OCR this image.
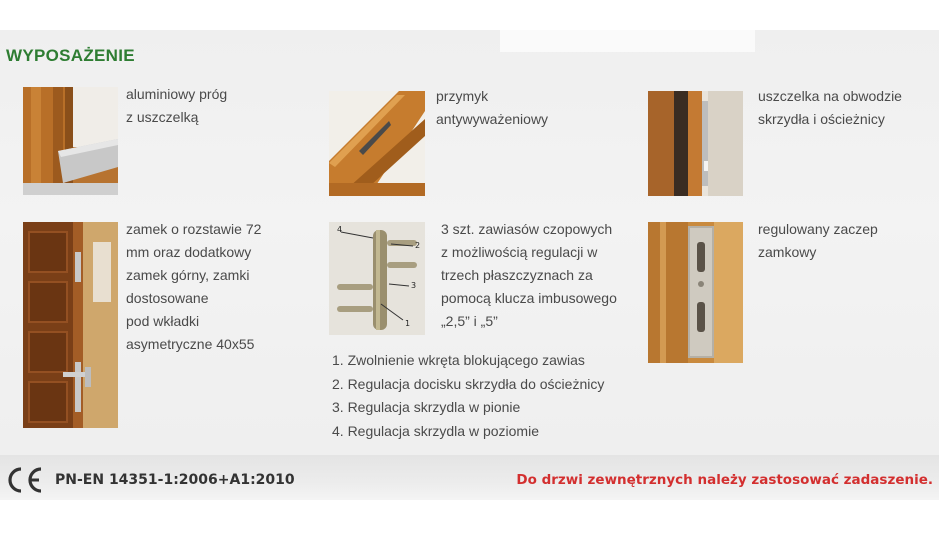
WYPOSAŻENIE
aluminiowy próg
z uszczelką
przymyk
antywyważeniowy
uszczelka na obwodzie
skrzydła i ościeżnicy
zamek o rozstawie 72
mm oraz dodatkowy
zamek górny, zamki
dostosowane
pod wkładki
asymetryczne 40x55
4
2
3
1
3 szt. zawiasów czopowych
z możliwością regulacji w
trzech płaszczyznach za
pomocą klucza imbusowego
„2,5” i „5”
regulowany zaczep
zamkowy
1. Zwolnienie wkręta blokującego zawias
2. Regulacja docisku skrzydła do ościeżnicy
3. Regulacja skrzydla w pionie
4. Regulacja skrzydla w poziomie
PN-EN 14351-1:2006+A1:2010	Do drzwi zewnętrznych należy zastosować zadaszenie.
